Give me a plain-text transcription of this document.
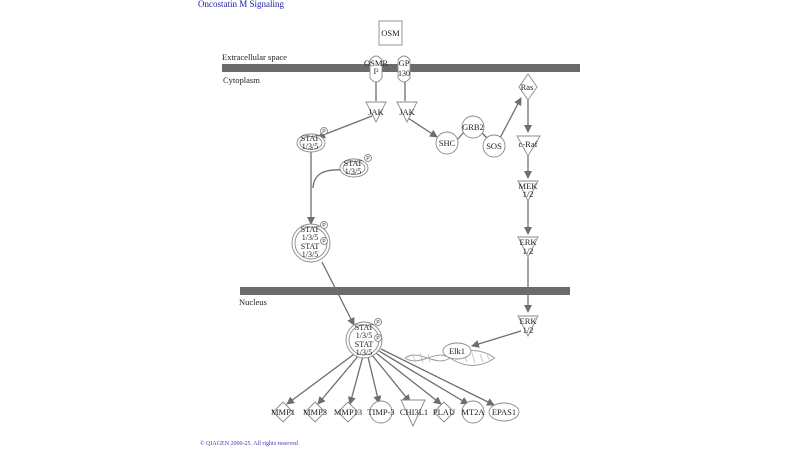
Oncostatin M Signaling
Extracellular space
Cytoplasm
Nucleus
OSM
OSMR
I²
GP
130
JAK JAK
STAT
1/3/5
P
STAT
1/3/5
P
STAT
1/3/5
STAT
1/3/5
P
P
SHC
GRB2
SOS
Ras
c-Raf
MEK
1/2
ERK
1/2
ERK
1/2
Elk1
STAT
1/3/5
STAT
1/3/5
P
P
MMP1 MMP3 MMP13 TIMP-3 CHI3L1 PLAU MT2A EPAS1
© QIAGEN 2000-25. All rights reserved
